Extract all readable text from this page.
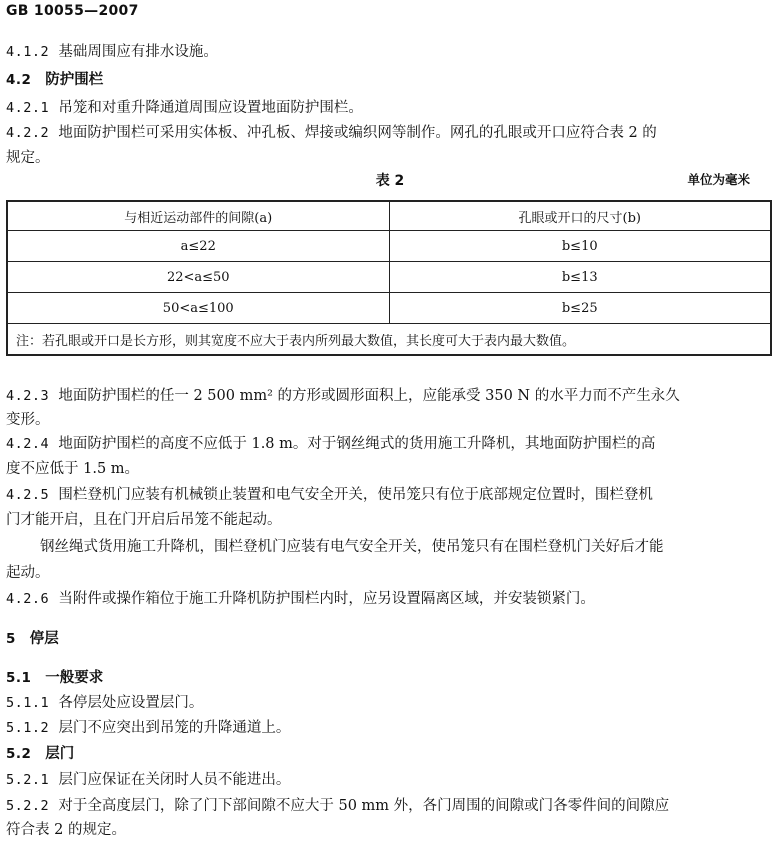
GB 10055—2007
4.1.2 基础周围应有排水设施。
4.2 防护围栏
4.2.1 吊笼和对重升降通道周围应设置地面防护围栏。
4.2.2 地面防护围栏可采用实体板、冲孔板、焊接或编织网等制作。网孔的孔眼或开口应符合表 2 的
规定。
表 2	单位为毫米
与相近运动部件的间隙(a)	孔眼或开口的尺寸(b)
a≤22	b≤10
22<a≤50	b≤13
50<a≤100	b≤25
注：若孔眼或开口是长方形，则其宽度不应大于表内所列最大数值，其长度可大于表内最大数值。	
4.2.3 地面防护围栏的任一 2 500 mm² 的方形或圆形面积上，应能承受 350 N 的水平力而不产生永久
变形。
4.2.4 地面防护围栏的高度不应低于 1.8 m。对于钢丝绳式的货用施工升降机，其地面防护围栏的高
度不应低于 1.5 m。
4.2.5 围栏登机门应装有机械锁止装置和电气安全开关，使吊笼只有位于底部规定位置时，围栏登机
门才能开启，且在门开启后吊笼不能起动。
钢丝绳式货用施工升降机，围栏登机门应装有电气安全开关，使吊笼只有在围栏登机门关好后才能
起动。
4.2.6 当附件或操作箱位于施工升降机防护围栏内时，应另设置隔离区域，并安装锁紧门。
5 停层
5.1 一般要求
5.1.1 各停层处应设置层门。
5.1.2 层门不应突出到吊笼的升降通道上。
5.2 层门
5.2.1 层门应保证在关闭时人员不能进出。
5.2.2 对于全高度层门，除了门下部间隙不应大于 50 mm 外，各门周围的间隙或门各零件间的间隙应
符合表 2 的规定。
